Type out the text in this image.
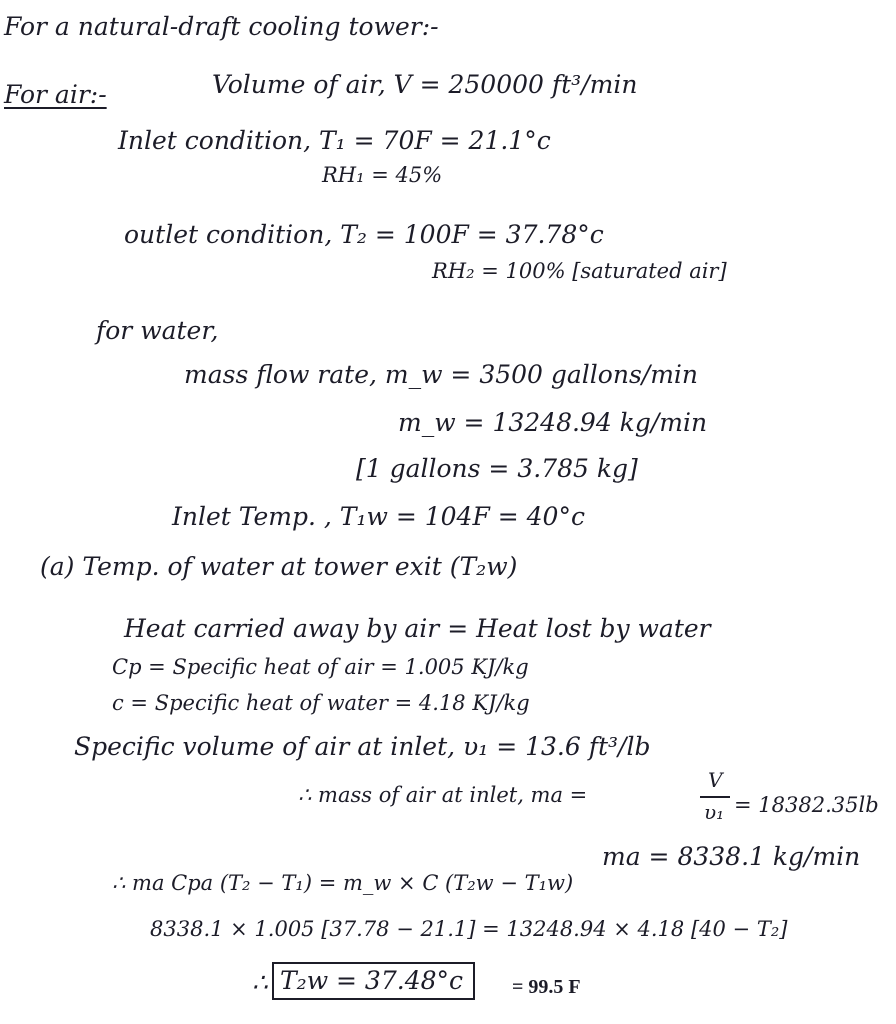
For a natural-draft cooling tower:-
For air:-	Volume of air, V = 250000 ft³/min
Inlet condition, T₁ = 70F = 21.1°c
RH₁ = 45%
outlet condition, T₂ = 100F = 37.78°c
RH₂ = 100% [saturated air]
for water,
mass flow rate, m_w = 3500 gallons/min
m_w = 13248.94 kg/min
[1 gallons = 3.785 kg]
Inlet Temp. , T₁w = 104F = 40°c
(a) Temp. of water at tower exit (T₂w)
Heat carried away by air = Heat lost by water
Cp = Specific heat of air = 1.005 KJ/kg
c = Specific heat of water = 4.18 KJ/kg
Specific volume of air at inlet, υ₁ = 13.6 ft³/lb
∴ mass of air at inlet, ma =
V
υ₁ = 18382.35lb
ma = 8338.1 kg/min
∴ ma Cpa (T₂ − T₁) = m_w × C (T₂w − T₁w)
8338.1 × 1.005 [37.78 − 21.1] = 13248.94 × 4.18 [40 − T₂]
∴ T₂w = 37.48°c	= 99.5 F
